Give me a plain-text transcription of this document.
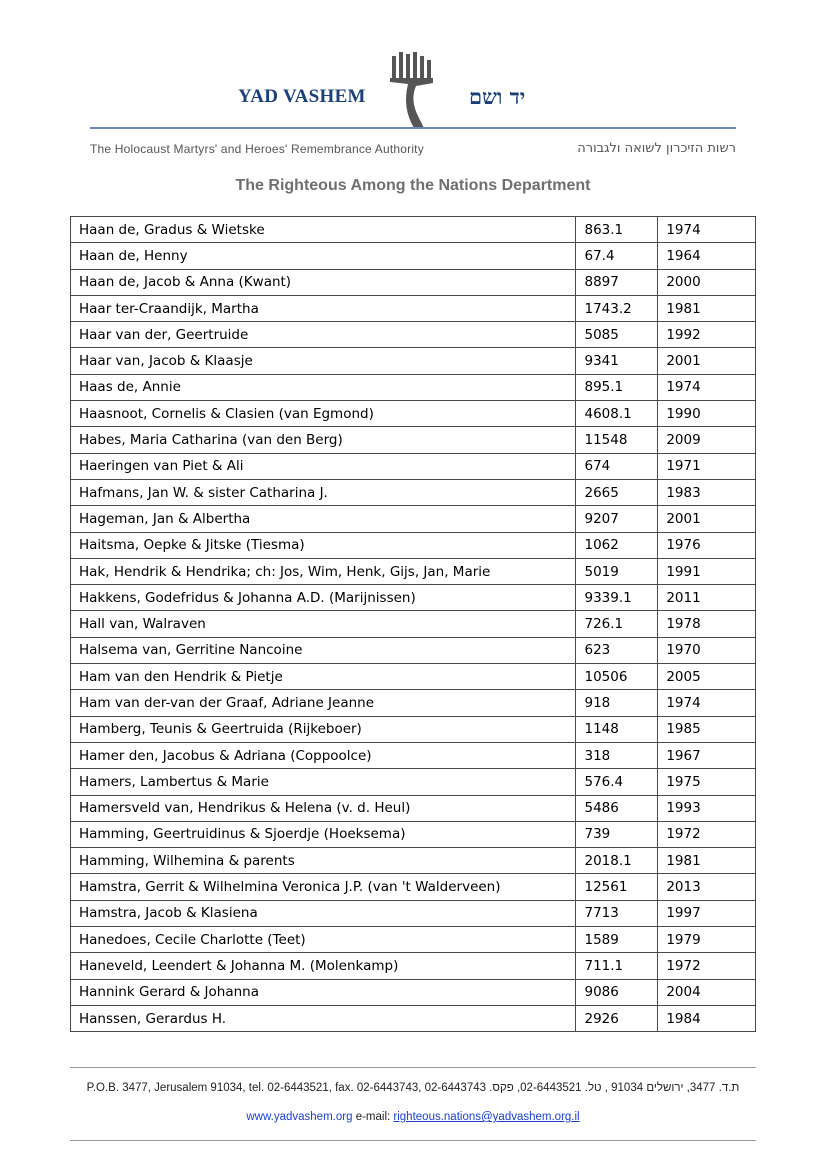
YAD VASHEM	יד ושם
The Holocaust Martyrs' and Heroes' Remembrance Authority	רשות הזיכרון לשואה ולגבורה
The Righteous Among the Nations Department
Haan de, Gradus & Wietske	863.1	1974
Haan de, Henny	67.4	1964
Haan de, Jacob & Anna (Kwant)	8897	2000
Haar ter-Craandijk, Martha	1743.2	1981
Haar van der, Geertruide	5085	1992
Haar van, Jacob & Klaasje	9341	2001
Haas de, Annie	895.1	1974
Haasnoot, Cornelis & Clasien (van Egmond)	4608.1	1990
Habes, Maria Catharina (van den Berg)	11548	2009
Haeringen van Piet & Ali	674	1971
Hafmans, Jan W. & sister Catharina J.	2665	1983
Hageman, Jan & Albertha	9207	2001
Haitsma, Oepke & Jitske (Tiesma)	1062	1976
Hak, Hendrik & Hendrika; ch: Jos, Wim, Henk, Gijs, Jan, Marie	5019	1991
Hakkens, Godefridus & Johanna A.D. (Marijnissen)	9339.1	2011
Hall van, Walraven	726.1	1978
Halsema van, Gerritine Nancoine	623	1970
Ham van den Hendrik & Pietje	10506	2005
Ham van der-van der Graaf, Adriane Jeanne	918	1974
Hamberg, Teunis & Geertruida (Rijkeboer)	1148	1985
Hamer den, Jacobus & Adriana (Coppoolce)	318	1967
Hamers, Lambertus & Marie	576.4	1975
Hamersveld van, Hendrikus & Helena (v. d. Heul)	5486	1993
Hamming, Geertruidinus & Sjoerdje (Hoeksema)	739	1972
Hamming, Wilhemina & parents	2018.1	1981
Hamstra, Gerrit & Wilhelmina Veronica J.P. (van 't Walderveen)	12561	2013
Hamstra, Jacob & Klasiena	7713	1997
Hanedoes, Cecile Charlotte (Teet)	1589	1979
Haneveld, Leendert & Johanna M. (Molenkamp)	711.1	1972
Hannink Gerard & Johanna	9086	2004
Hanssen, Gerardus H.	2926	1984
P.O.B. 3477, Jerusalem 91034, tel. 02-6443521, fax. 02-6443743, ת.ד. 3477, ירושלים 91034 , טל. 02-6443521, פקס. 02-6443743
www.yadvashem.org e-mail: righteous.nations@yadvashem.org.il
